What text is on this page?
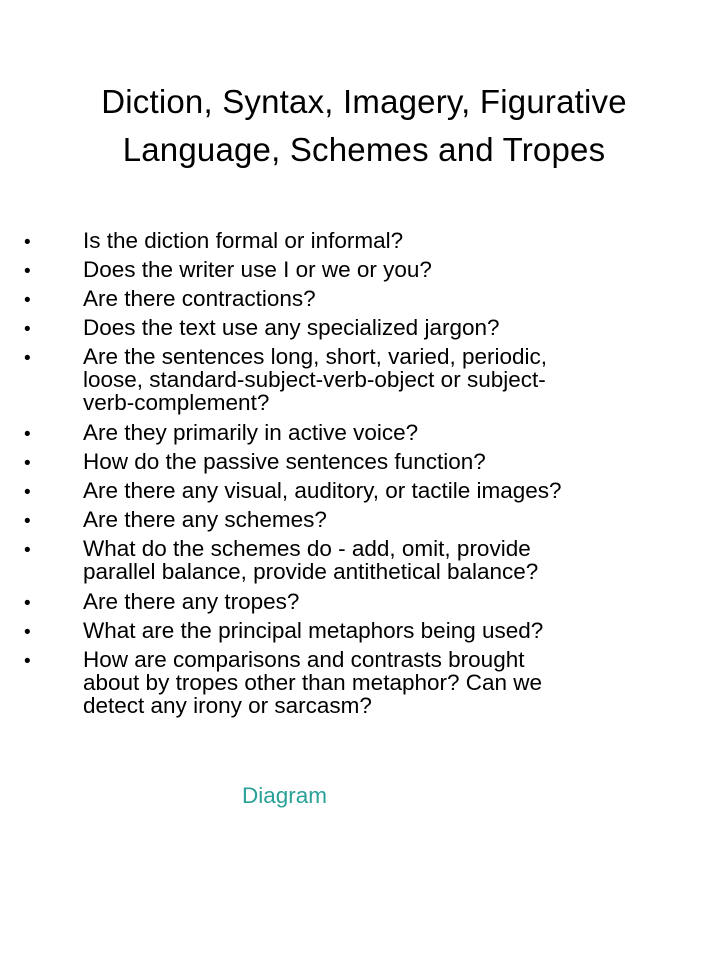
Diction, Syntax, Imagery, Figurative
Language, Schemes and Tropes
•	Is the diction formal or informal?
•	Does the writer use I or we or you?
•	Are there contractions?
•	Does the text use any specialized jargon?
•	Are the sentences long, short, varied, periodic,
loose, standard-subject-verb-object or subject-
verb-complement?
•	Are they primarily in active voice?
•	How do the passive sentences function?
•	Are there any visual, auditory, or tactile images?
•	Are there any schemes?
•	What do the schemes do - add, omit, provide
parallel balance, provide antithetical balance?
•	Are there any tropes?
•	What are the principal metaphors being used?
•	How are comparisons and contrasts brought
about by tropes other than metaphor? Can we
detect any irony or sarcasm?
Diagram
